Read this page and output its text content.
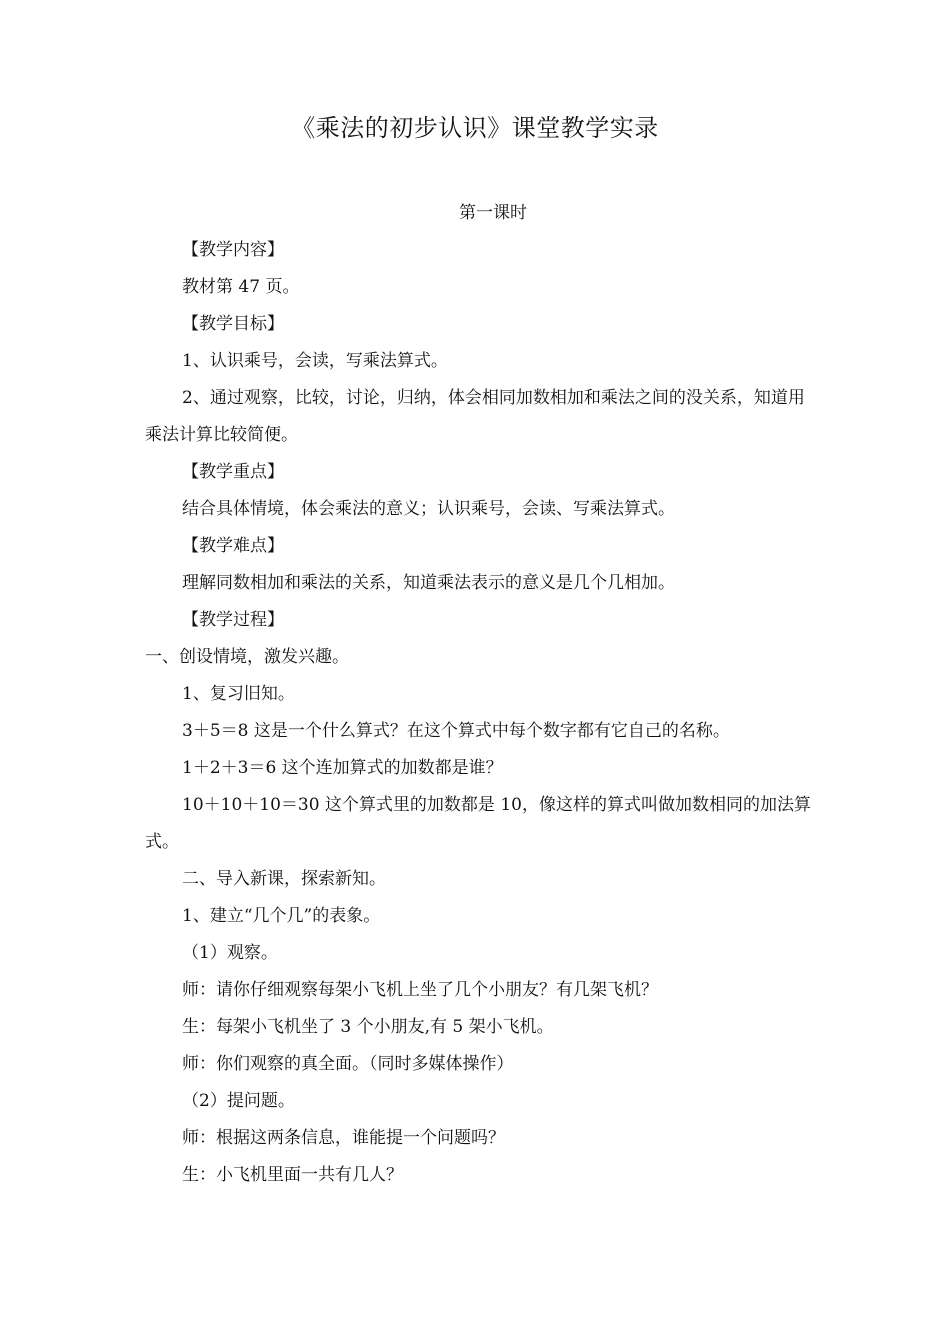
《乘法的初步认识》课堂教学实录
第一课时

【教学内容】

教材第 47 页。

【教学目标】

1、认识乘号，会读，写乘法算式。

2、通过观察，比较，讨论，归纳，体会相同加数相加和乘法之间的没关系，知道用乘法计算比较简便。

【教学重点】

结合具体情境，体会乘法的意义；认识乘号，会读、写乘法算式。

【教学难点】

理解同数相加和乘法的关系，知道乘法表示的意义是几个几相加。

【教学过程】

一、创设情境，激发兴趣。

1、复习旧知。

3＋5＝8 这是一个什么算式？在这个算式中每个数字都有它自己的名称。

1＋2＋3＝6 这个连加算式的加数都是谁？

10＋10＋10＝30 这个算式里的加数都是 10，像这样的算式叫做加数相同的加法算式。

二、导入新课，探索新知。

1、建立“几个几”的表象。

（1）观察。

师：请你仔细观察每架小飞机上坐了几个小朋友？有几架飞机？

生：每架小飞机坐了 3 个小朋友,有 5 架小飞机。

师：你们观察的真全面。（同时多媒体操作）

（2）提问题。

师：根据这两条信息，谁能提一个问题吗？

生：小飞机里面一共有几人？
